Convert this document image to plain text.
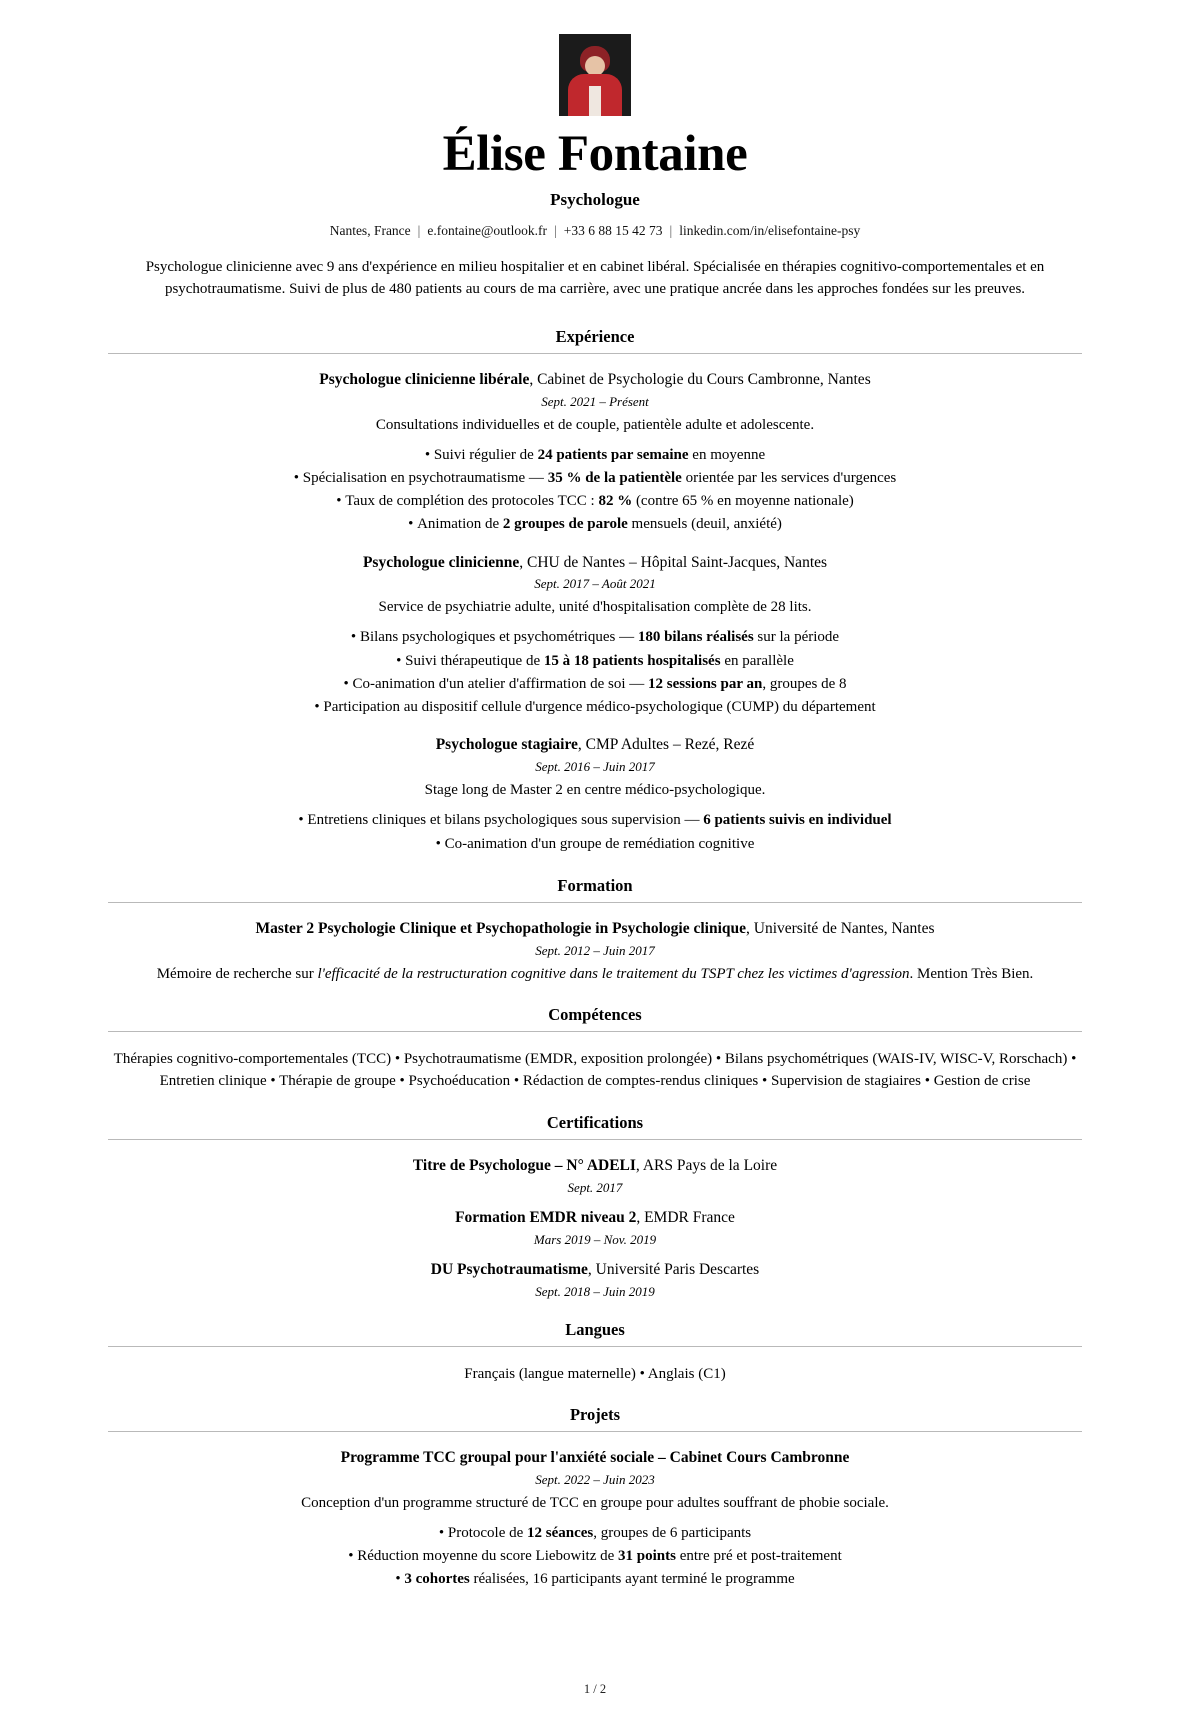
Élise Fontaine
Psychologue
Nantes, France | e.fontaine@outlook.fr | +33 6 88 15 42 73 | linkedin.com/in/elisefontaine-psy
Psychologue clinicienne avec 9 ans d'expérience en milieu hospitalier et en cabinet libéral. Spécialisée en thérapies cognitivo-comportementales et en psychotraumatisme. Suivi de plus de 480 patients au cours de ma carrière, avec une pratique ancrée dans les approches fondées sur les preuves.
Expérience
Psychologue clinicienne libérale, Cabinet de Psychologie du Cours Cambronne, Nantes
Sept. 2021 – Présent
Consultations individuelles et de couple, patientèle adulte et adolescente.
• Suivi régulier de 24 patients par semaine en moyenne
• Spécialisation en psychotraumatisme — 35 % de la patientèle orientée par les services d'urgences
• Taux de complétion des protocoles TCC : 82 % (contre 65 % en moyenne nationale)
• Animation de 2 groupes de parole mensuels (deuil, anxiété)
Psychologue clinicienne, CHU de Nantes – Hôpital Saint-Jacques, Nantes
Sept. 2017 – Août 2021
Service de psychiatrie adulte, unité d'hospitalisation complète de 28 lits.
• Bilans psychologiques et psychométriques — 180 bilans réalisés sur la période
• Suivi thérapeutique de 15 à 18 patients hospitalisés en parallèle
• Co-animation d'un atelier d'affirmation de soi — 12 sessions par an, groupes de 8
• Participation au dispositif cellule d'urgence médico-psychologique (CUMP) du département
Psychologue stagiaire, CMP Adultes – Rezé, Rezé
Sept. 2016 – Juin 2017
Stage long de Master 2 en centre médico-psychologique.
• Entretiens cliniques et bilans psychologiques sous supervision — 6 patients suivis en individuel
• Co-animation d'un groupe de remédiation cognitive
Formation
Master 2 Psychologie Clinique et Psychopathologie in Psychologie clinique, Université de Nantes, Nantes
Sept. 2012 – Juin 2017
Mémoire de recherche sur l'efficacité de la restructuration cognitive dans le traitement du TSPT chez les victimes d'agression. Mention Très Bien.
Compétences

Thérapies cognitivo-comportementales (TCC) • Psychotraumatisme (EMDR, exposition prolongée) • Bilans psychométriques (WAIS-IV, WISC-V, Rorschach) • Entretien clinique • Thérapie de groupe • Psychoéducation • Rédaction de comptes-rendus cliniques • Supervision de stagiaires • Gestion de crise

Certifications
Titre de Psychologue – N° ADELI, ARS Pays de la Loire
Sept. 2017
Formation EMDR niveau 2, EMDR France
Mars 2019 – Nov. 2019
DU Psychotraumatisme, Université Paris Descartes
Sept. 2018 – Juin 2019
Langues

Français (langue maternelle) • Anglais (C1)

Projets
Programme TCC groupal pour l'anxiété sociale – Cabinet Cours Cambronne
Sept. 2022 – Juin 2023
Conception d'un programme structuré de TCC en groupe pour adultes souffrant de phobie sociale.
• Protocole de 12 séances, groupes de 6 participants
• Réduction moyenne du score Liebowitz de 31 points entre pré et post-traitement
• 3 cohortes réalisées, 16 participants ayant terminé le programme
1 / 2
